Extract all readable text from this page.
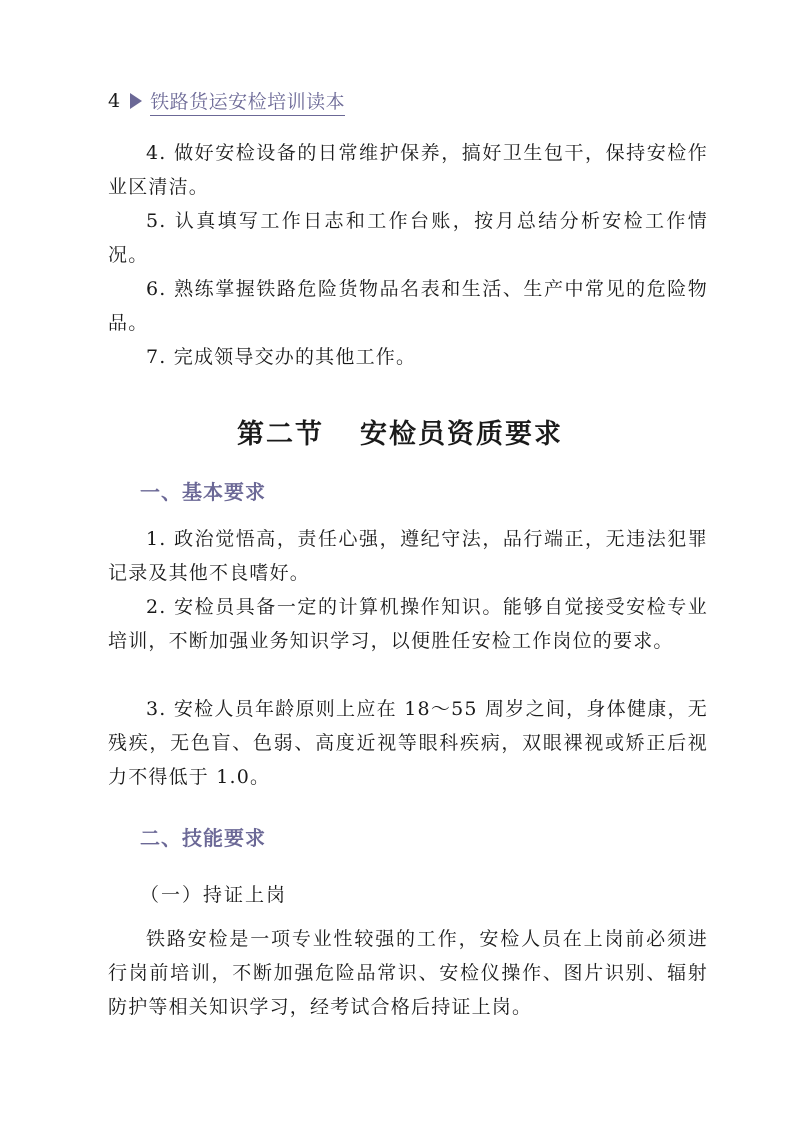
4 铁路货运安检培训读本

4. 做好安检设备的日常维护保养，搞好卫生包干，保持安检作业区清洁。

5. 认真填写工作日志和工作台账，按月总结分析安检工作情况。

6. 熟练掌握铁路危险货物品名表和生活、生产中常见的危险物品。

7. 完成领导交办的其他工作。

第二节 安检员资质要求
一、基本要求

1. 政治觉悟高，责任心强，遵纪守法，品行端正，无违法犯罪记录及其他不良嗜好。

2. 安检员具备一定的计算机操作知识。能够自觉接受安检专业培训，不断加强业务知识学习，以便胜任安检工作岗位的要求。

3. 安检人员年龄原则上应在 18～55 周岁之间，身体健康，无残疾，无色盲、色弱、高度近视等眼科疾病，双眼裸视或矫正后视力不得低于 1.0。

二、技能要求

（一）持证上岗

铁路安检是一项专业性较强的工作，安检人员在上岗前必须进行岗前培训，不断加强危险品常识、安检仪操作、图片识别、辐射防护等相关知识学习，经考试合格后持证上岗。
